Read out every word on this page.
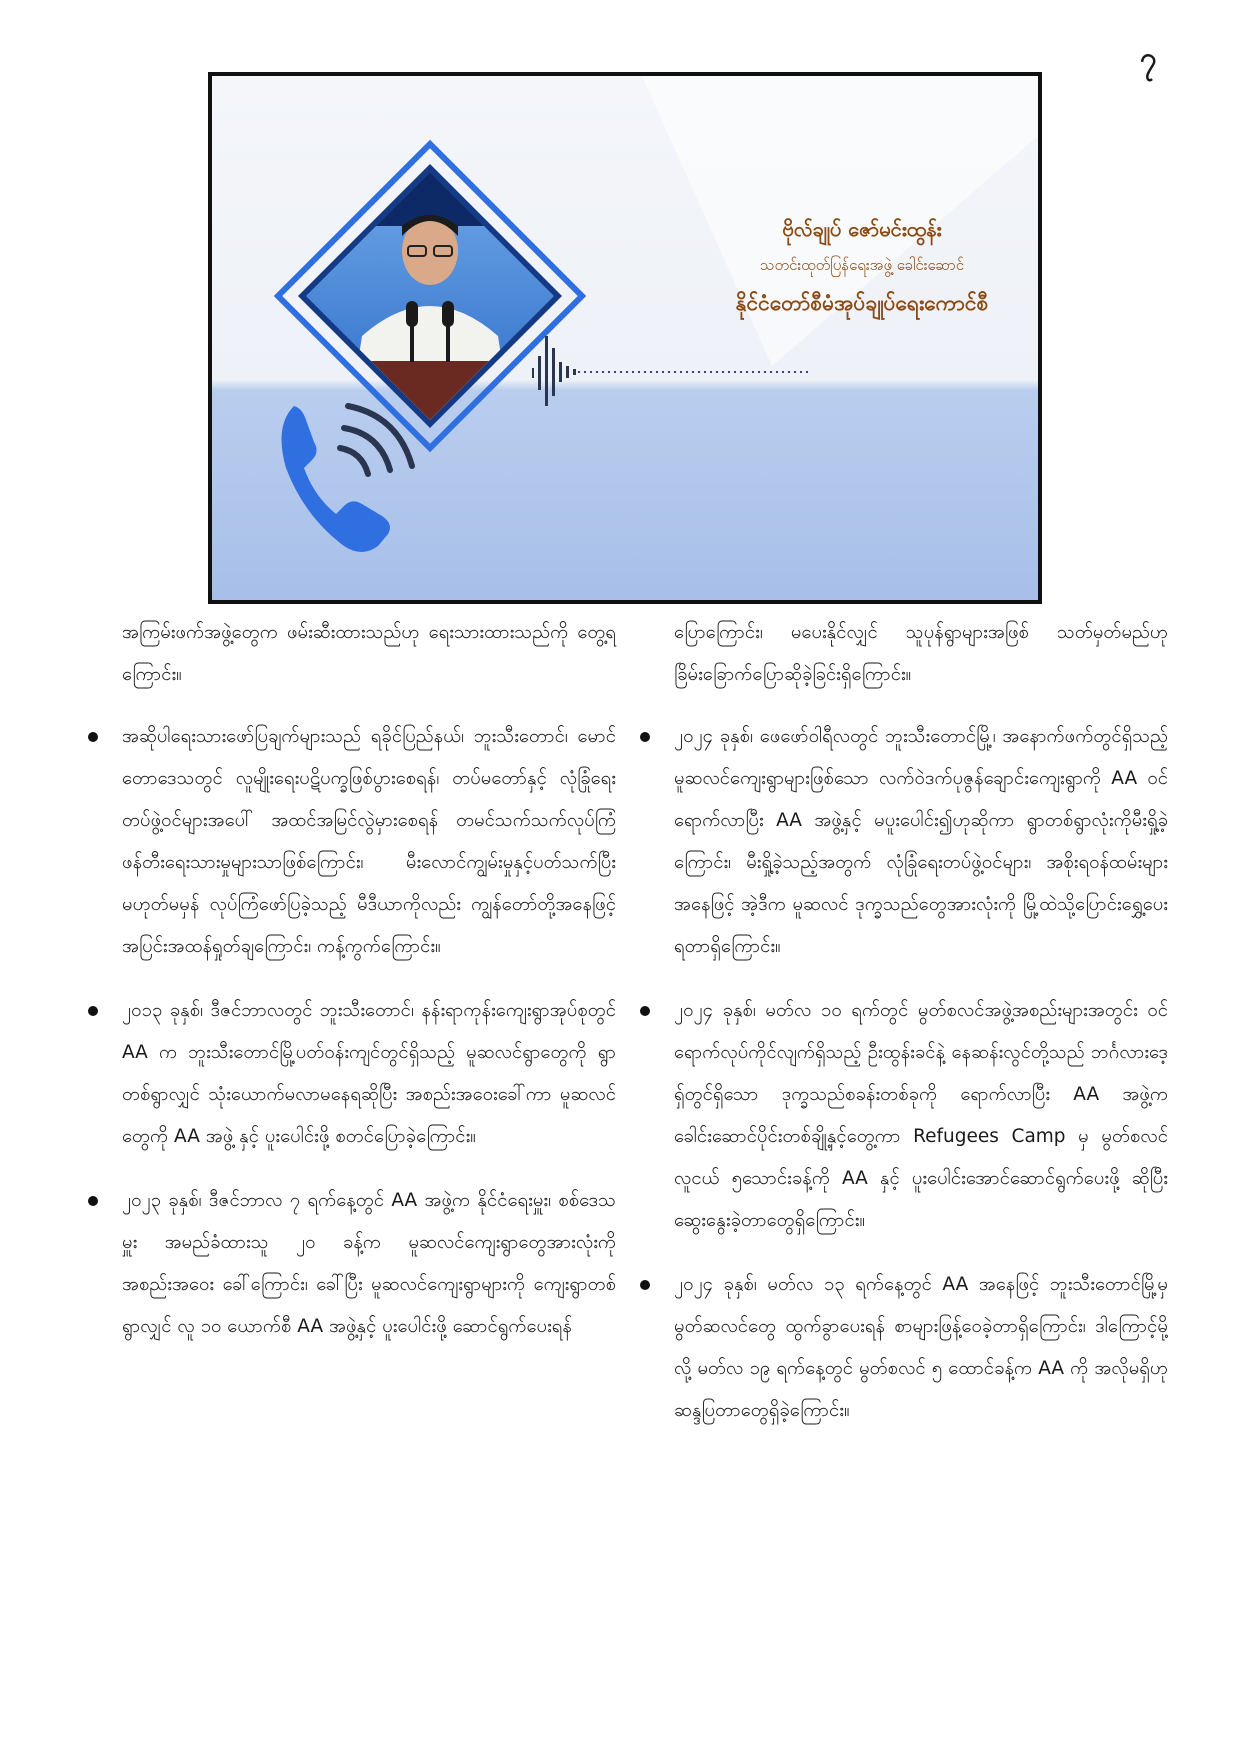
၇
ဗိုလ်ချုပ် ဇော်မင်းထွန်း
သတင်းထုတ်ပြန်ရေးအဖွဲ့ ခေါင်းဆောင်
နိုင်ငံတော်စီမံအုပ်ချုပ်ရေးကောင်စီ

အကြမ်းဖက်အဖွဲ့တွေက ဖမ်းဆီးထားသည်ဟု ရေးသားထားသည်ကို တွေ့ရကြောင်း။

အဆိုပါရေးသားဖော်ပြချက်များသည် ရခိုင်ပြည်နယ်၊ ဘူးသီးတောင်၊ မောင်တောဒေသတွင် လူမျိုးရေးပဋိပက္ခဖြစ်ပွားစေရန်၊ တပ်မတော်နှင့် လုံခြုံရေးတပ်ဖွဲ့ဝင်များအပေါ် အထင်အမြင်လွဲမှားစေရန် တမင်သက်သက်လုပ်ကြံဖန်တီးရေးသားမှုများသာဖြစ်ကြောင်း၊ မီးလောင်ကျွမ်းမှုနှင့်ပတ်သက်ပြီး မဟုတ်မမှန် လုပ်ကြံဖော်ပြခဲ့သည့် မီဒီယာကိုလည်း ကျွန်တော်တို့အနေဖြင့် အပြင်းအထန်ရှုတ်ချကြောင်း၊ ကန့်ကွက်ကြောင်း။
၂၀၁၃ ခုနှစ်၊ ဒီဇင်ဘာလတွင် ဘူးသီးတောင်၊ နန်းရာကုန်းကျေးရွာအုပ်စုတွင် AA က ဘူးသီးတောင်မြို့ပတ်ဝန်းကျင်တွင်ရှိသည့် မူဆလင်ရွာတွေကို ရွာတစ်ရွာလျှင် သုံးယောက်မလာမနေရဆိုပြီး အစည်းအဝေးခေါ်ကာ မူဆလင်တွေကို AA အဖွဲ့ နှင့် ပူးပေါင်းဖို့ စတင်ပြောခဲ့ကြောင်း။
၂၀၂၃ ခုနှစ်၊ ဒီဇင်ဘာလ ၇ ရက်နေ့တွင် AA အဖွဲ့က နိုင်ငံရေးမှူး၊ စစ်ဒေသမှူး အမည်ခံထားသူ ၂၀ ခန့်က မူဆလင်ကျေးရွာတွေအားလုံးကို အစည်းအဝေး ခေါ်ကြောင်း၊ ခေါ်ပြီး မူဆလင်ကျေးရွာများကို ကျေးရွာတစ်ရွာလျှင် လူ ၁၀ ယောက်စီ AA အဖွဲ့နှင့် ပူးပေါင်းဖို့ ဆောင်ရွက်ပေးရန်

ပြောကြောင်း၊ မပေးနိုင်လျှင် သူပုန်ရွာများအဖြစ် သတ်မှတ်မည်ဟု ခြိမ်းခြောက်ပြောဆိုခဲ့ခြင်းရှိကြောင်း။

၂၀၂၄ ခုနှစ်၊ ဖေဖော်ဝါရီလတွင် ဘူးသီးတောင်မြို့၊ အနောက်ဖက်တွင်ရှိသည့် မူဆလင်ကျေးရွာများဖြစ်သော လက်ဝဲဒက်ပုဇွန်ချောင်းကျေးရွာကို AA ဝင်ရောက်လာပြီး AA အဖွဲ့နှင့် မပူးပေါင်း၍ဟုဆိုကာ ရွာတစ်ရွာလုံးကိုမီးရှို့ခဲ့ကြောင်း၊ မီးရှို့ခဲ့သည့်အတွက် လုံခြုံရေးတပ်ဖွဲ့ဝင်များ၊ အစိုးရဝန်ထမ်းများအနေဖြင့် အဲ့ဒီက မူဆလင် ဒုက္ခသည်တွေအားလုံးကို မြို့ထဲသို့ပြောင်းရွှေ့ပေးရတာရှိကြောင်း။
၂၀၂၄ ခုနှစ်၊ မတ်လ ၁၀ ရက်တွင် မွတ်စလင်အဖွဲ့အစည်းများအတွင်း ဝင်ရောက်လုပ်ကိုင်လျက်ရှိသည့် ဦးထွန်းခင်နဲ့ နေဆန်းလွင်တို့သည် ဘင်္ဂလားဒေ့ရှ်တွင်ရှိသော ဒုက္ခသည်စခန်းတစ်ခုကို ရောက်လာပြီး AA အဖွဲ့က ခေါင်းဆောင်ပိုင်းတစ်ချို့နှင့်တွေ့ကာ Refugees Camp မှ မွတ်စလင်လူငယ် ၅သောင်းခန့်ကို AA နှင့် ပူးပေါင်းအောင်ဆောင်ရွက်ပေးဖို့ ဆိုပြီး ဆွေးနွေးခဲ့တာတွေရှိကြောင်း။
၂၀၂၄ ခုနှစ်၊ မတ်လ ၁၃ ရက်နေ့တွင် AA အနေဖြင့် ဘူးသီးတောင်မြို့မှ မွတ်ဆလင်တွေ ထွက်ခွာပေးရန် စာများဖြန့်ဝေခဲ့တာရှိကြောင်း၊ ဒါကြောင့်မို့လို့ မတ်လ ၁၉ ရက်နေ့တွင် မွတ်စလင် ၅ ထောင်ခန့်က AA ကို အလိုမရှိဟု ဆန္ဒပြတာတွေရှိခဲ့ကြောင်း။
